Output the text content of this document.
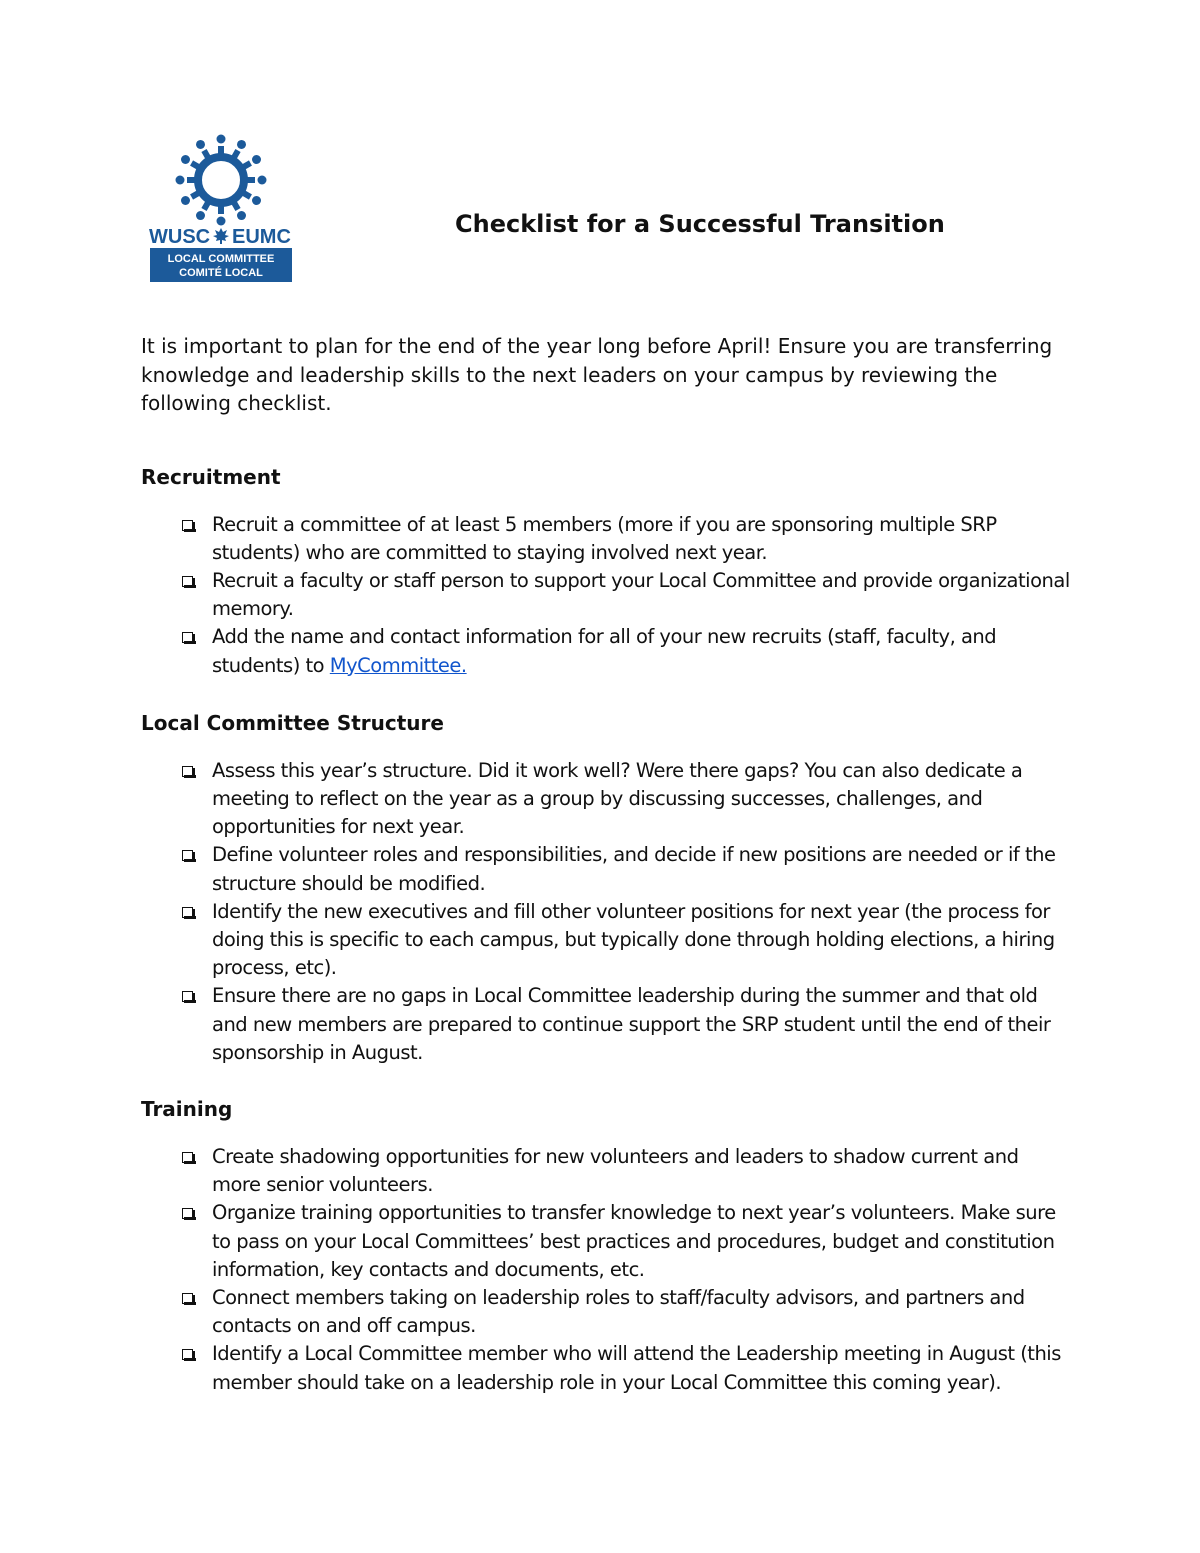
WUSC EUMC
LOCAL COMMITTEE
COMITÉ LOCAL
Checklist for a Successful Transition

It is important to plan for the end of the year long before April! Ensure you are transferring knowledge and leadership skills to the next leaders on your campus by reviewing the following checklist.

Recruitment
Recruit a committee of at least 5 members (more if you are sponsoring multiple SRP students) who are committed to staying involved next year.
Recruit a faculty or staff person to support your Local Committee and provide organizational memory.
Add the name and contact information for all of your new recruits (staff, faculty, and students) to MyCommittee.
Local Committee Structure
Assess this year’s structure. Did it work well? Were there gaps? You can also dedicate a meeting to reflect on the year as a group by discussing successes, challenges, and opportunities for next year.
Define volunteer roles and responsibilities, and decide if new positions are needed or if the structure should be modified.
Identify the new executives and fill other volunteer positions for next year (the process for doing this is specific to each campus, but typically done through holding elections, a hiring process, etc).
Ensure there are no gaps in Local Committee leadership during the summer and that old and new members are prepared to continue support the SRP student until the end of their sponsorship in August.
Training
Create shadowing opportunities for new volunteers and leaders to shadow current and more senior volunteers.
Organize training opportunities to transfer knowledge to next year’s volunteers. Make sure to pass on your Local Committees’ best practices and procedures, budget and constitution information, key contacts and documents, etc.
Connect members taking on leadership roles to staff/faculty advisors, and partners and contacts on and off campus.
Identify a Local Committee member who will attend the Leadership meeting in August (this member should take on a leadership role in your Local Committee this coming year).
